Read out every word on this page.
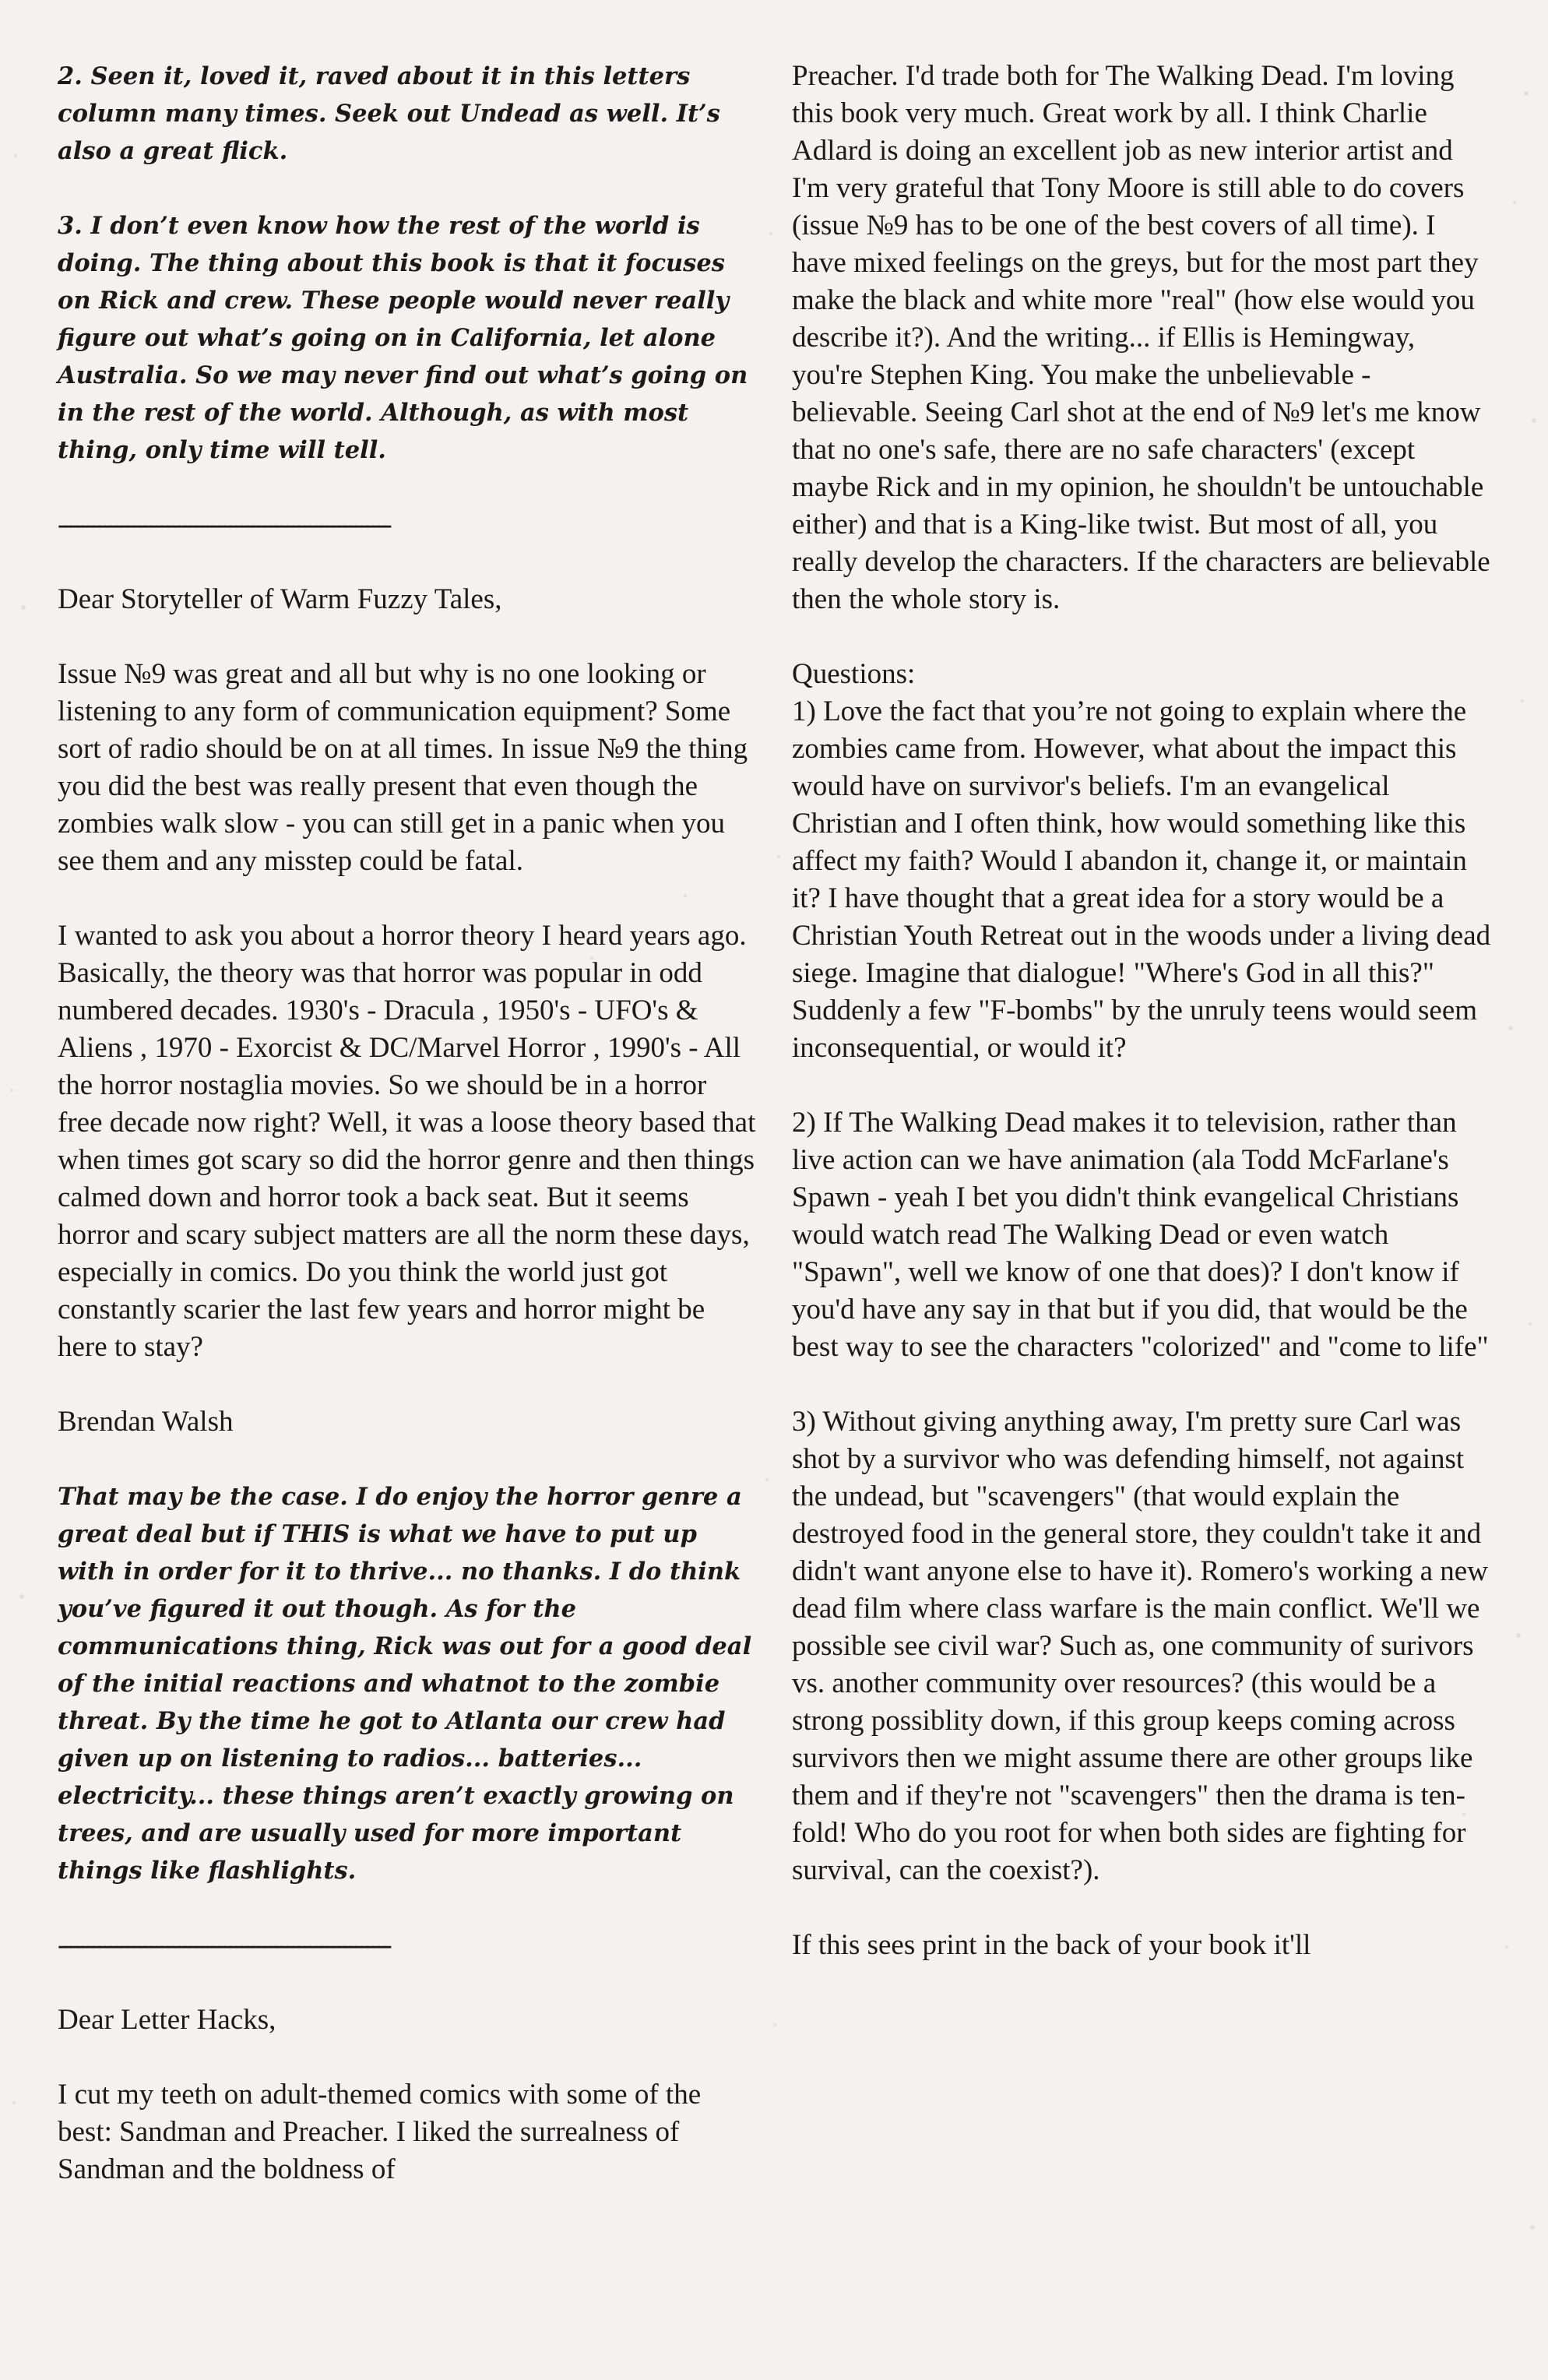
2. Seen it, loved it, raved about it in this letters column many times. Seek out Undead as well. It’s also a great flick.

3. I don’t even know how the rest of the world is doing. The thing about this book is that it focuses on Rick and crew. These people would never really figure out what’s going on in California, let alone Australia. So we may never find out what’s going on in the rest of the world. Although, as with most thing, only time will tell.

----------------------------------------------------------

Dear Storyteller of Warm Fuzzy Tales,

Issue №9 was great and all but why is no one looking or listening to any form of communication equipment? Some sort of radio should be on at all times. In issue №9 the thing you did the best was really present that even though the zombies walk slow - you can still get in a panic when you see them and any misstep could be fatal.

I wanted to ask you about a horror theory I heard years ago. Basically, the theory was that horror was popular in odd numbered decades. 1930's - Dracula , 1950's - UFO's & Aliens , 1970 - Exorcist & DC/Marvel Horror , 1990's - All the horror nostaglia movies. So we should be in a horror free decade now right? Well, it was a loose theory based that when times got scary so did the horror genre and then things calmed down and horror took a back seat. But it seems horror and scary subject matters are all the norm these days, especially in comics. Do you think the world just got constantly scarier the last few years and horror might be here to stay?

Brendan Walsh

That may be the case. I do enjoy the horror genre a great deal but if THIS is what we have to put up with in order for it to thrive... no thanks. I do think you’ve figured it out though. As for the communications thing, Rick was out for a good deal of the initial reactions and whatnot to the zombie threat. By the time he got to Atlanta our crew had given up on listening to radios... batteries... electricity... these things aren’t exactly growing on trees, and are usually used for more important things like flashlights.

----------------------------------------------------------

Dear Letter Hacks,

I cut my teeth on adult-themed comics with some of the best: Sandman and Preacher. I liked the surrealness of Sandman and the boldness of

Preacher. I'd trade both for The Walking Dead. I'm loving this book very much. Great work by all. I think Charlie Adlard is doing an excellent job as new interior artist and I'm very grateful that Tony Moore is still able to do covers (issue №9 has to be one of the best covers of all time). I have mixed feelings on the greys, but for the most part they make the black and white more "real" (how else would you describe it?). And the writing... if Ellis is Hemingway, you're Stephen King. You make the unbelievable - believable. Seeing Carl shot at the end of №9 let's me know that no one's safe, there are no safe characters' (except maybe Rick and in my opinion, he shouldn't be untouchable either) and that is a King-like twist. But most of all, you really develop the characters. If the characters are believable then the whole story is.

Questions:

1) Love the fact that you’re not going to explain where the zombies came from. However, what about the impact this would have on survivor's beliefs. I'm an evangelical Christian and I often think, how would something like this affect my faith? Would I abandon it, change it, or maintain it? I have thought that a great idea for a story would be a Christian Youth Retreat out in the woods under a living dead siege. Imagine that dialogue! "Where's God in all this?" Suddenly a few "F-bombs" by the unruly teens would seem inconsequential, or would it?

2) If The Walking Dead makes it to television, rather than live action can we have animation (ala Todd McFarlane's Spawn - yeah I bet you didn't think evangelical Christians would watch read The Walking Dead or even watch "Spawn", well we know of one that does)? I don't know if you'd have any say in that but if you did, that would be the best way to see the characters "colorized" and "come to life"

3) Without giving anything away, I'm pretty sure Carl was shot by a survivor who was defending himself, not against the undead, but "scavengers" (that would explain the destroyed food in the general store, they couldn't take it and didn't want anyone else to have it). Romero's working a new dead film where class warfare is the main conflict. We'll we possible see civil war? Such as, one community of surivors vs. another community over resources? (this would be a strong possiblity down, if this group keeps coming across survivors then we might assume there are other groups like them and if they're not "scavengers" then the drama is ten-fold! Who do you root for when both sides are fighting for survival, can the coexist?).

If this sees print in the back of your book it'll
